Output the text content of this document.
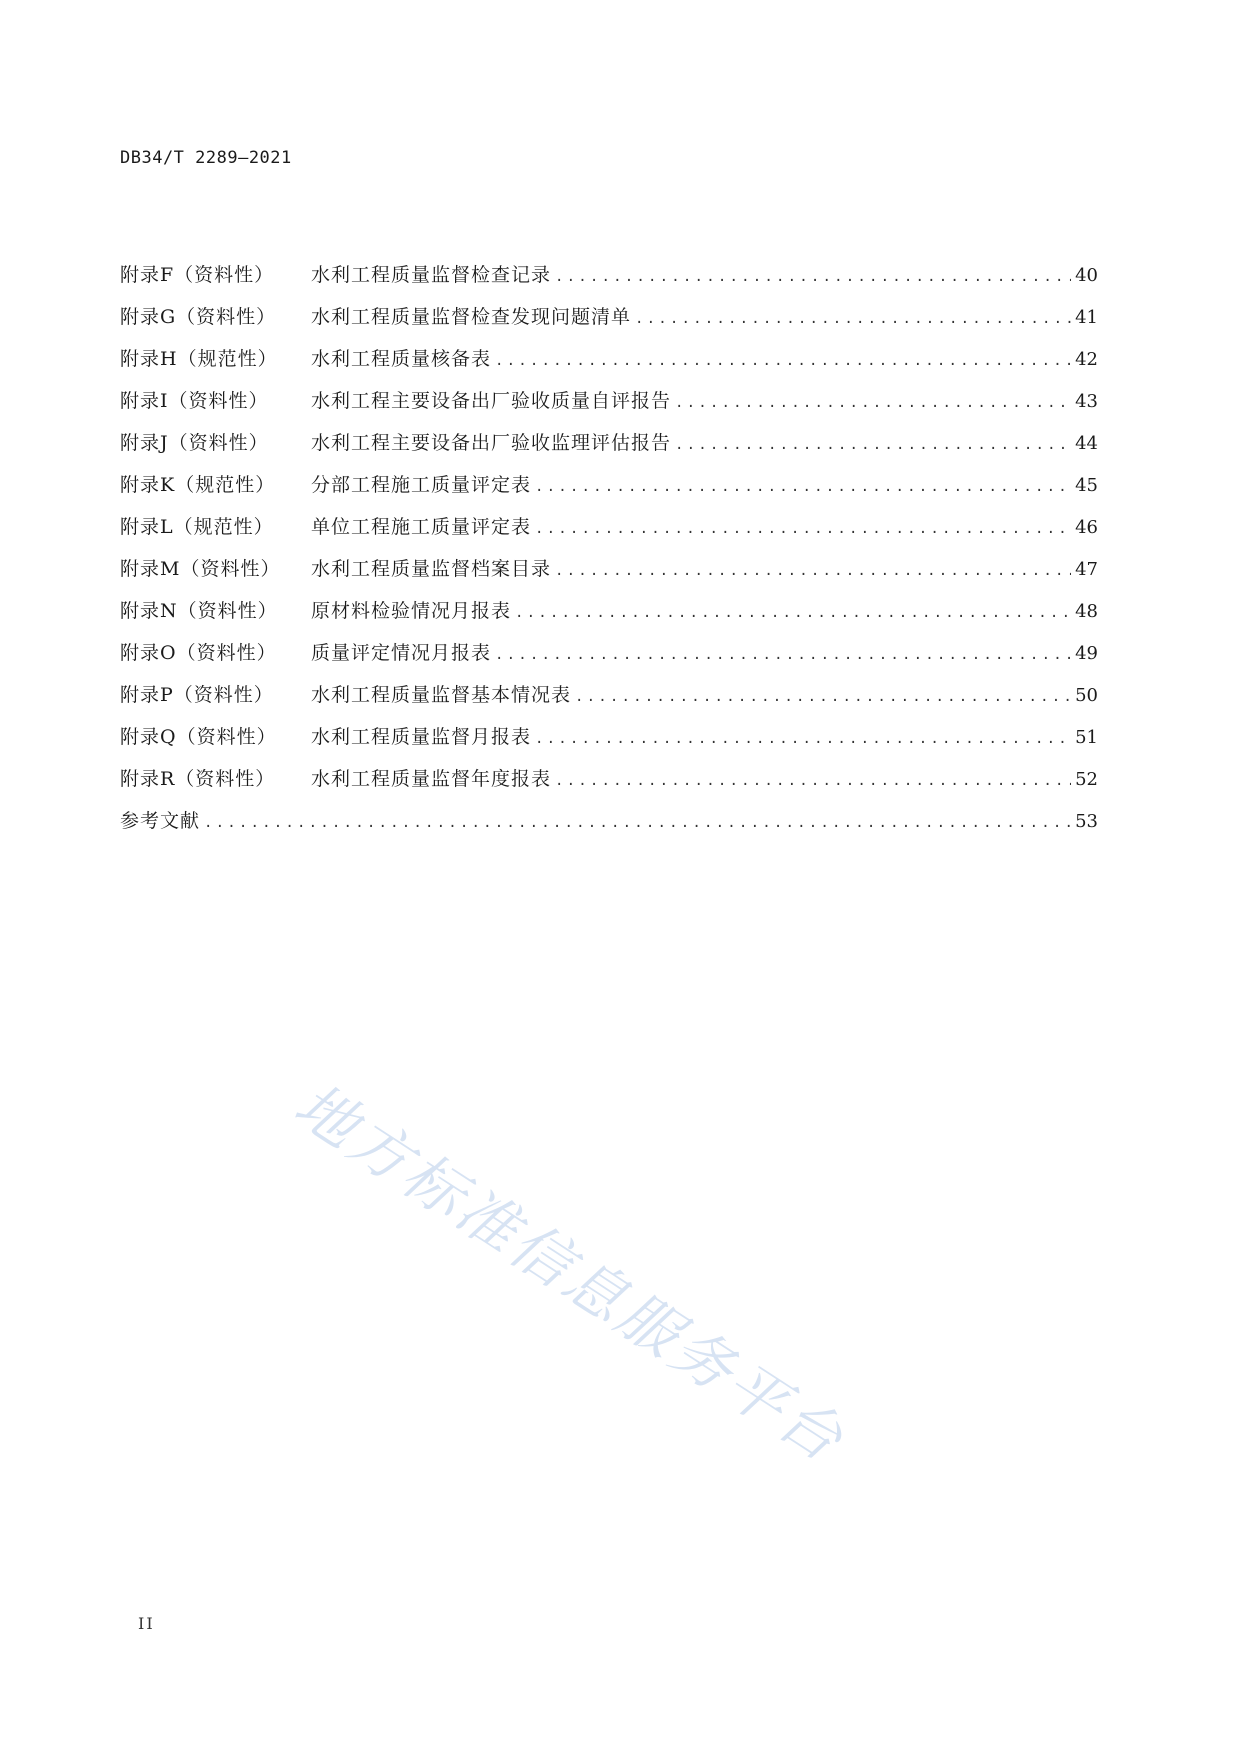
DB34/T 2289—2021
附录F（资料性）	水利工程质量监督检查记录 .....	40
附录G（资料性）	水利工程质量监督检查发现问题清单 .....	41
附录H（规范性）	水利工程质量核备表 .....	42
附录I（资料性）	水利工程主要设备出厂验收质量自评报告 .....	43
附录J（资料性）	水利工程主要设备出厂验收监理评估报告 .....	44
附录K（规范性）	分部工程施工质量评定表 .....	45
附录L（规范性）	单位工程施工质量评定表 .....	46
附录M（资料性）	水利工程质量监督档案目录 .....	47
附录N（资料性）	原材料检验情况月报表 .....	48
附录O（资料性）	质量评定情况月报表 .....	49
附录P（资料性）	水利工程质量监督基本情况表 .....	50
附录Q（资料性）	水利工程质量监督月报表 .....	51
附录R（资料性）	水利工程质量监督年度报表 .....	52
参考文献 .....	53
地方标准信息服务平台
II
